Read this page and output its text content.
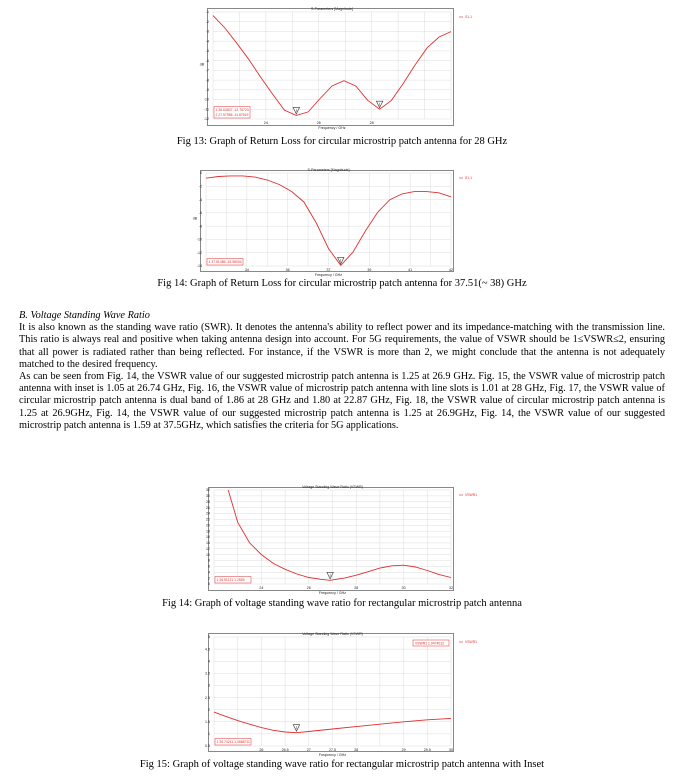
24	26	28
-1
-2
-3
-4
-5
-6
-7
-8
-9
-10
-11
-12
S-Parameters [Magnitude]
Frequency / GHz
dB
S1,1
1 26.63837 -12.76723
2 27.97956 -11.87519
Fig 13: Graph of Return Loss for circular microstrip patch antenna for 28 GHz
34	36	37	39	41	42
0
-2
-4
-6
-8
-10
-12
-14
S-Parameters [Magnitude]
Frequency / GHz
dB
S1,1
1 37.51486 -15.98004
Fig 14: Graph of Return Loss for circular microstrip patch antenna for 37.51(~ 38) GHz
B. Voltage Standing Wave Ratio

It is also known as the standing wave ratio (SWR). It denotes the antenna's ability to reflect power and its impedance-matching with the transmission line. This ratio is always real and positive when taking antenna design into account. For 5G requirements, the value of VSWR should be 1≤VSWR≤2, ensuring that all power is radiated rather than being reflected. For instance, if the VSWR is more than 2, we might conclude that the antenna is not adequately matched to the desired frequency.

As can be seen from Fig. 14, the VSWR value of our suggested microstrip patch antenna is 1.25 at 26.9 GHz. Fig. 15, the VSWR value of microstrip patch antenna with inset is 1.05 at 26.74 GHz, Fig. 16, the VSWR value of microstrip patch antenna with line slots is 1.01 at 28 GHz, Fig. 17, the VSWR value of circular microstrip patch antenna is dual band of 1.86 at 28 GHz and 1.80 at 22.87 GHz, Fig. 18, the VSWR value of circular microstrip patch antenna is 1.25 at 26.9GHz, Fig. 14, the VSWR value of our suggested microstrip patch antenna is 1.25 at 26.9GHz, Fig. 14, the VSWR value of our suggested microstrip patch antenna is 1.59 at 37.5GHz, which satisfies the criteria for 5G applications.

24	26	28	30	32
32
30
28
26
24
22
20
18
16
14
12
10
8
6
4
2
0
Voltage Standing Wave Ratio (VSWR)
Frequency / GHz
VSWR1
1 26.91121 1.2559
Fig 14: Graph of voltage standing wave ratio for rectangular microstrip patch antenna
26	26.5	27	27.5	28	29	29.5	30
5
4.5
4
3.5
3
2.5
2
1.5
1
0.5
Voltage Standing Wave Ratio (VSWR)
Frequency / GHz
VSWR1
1 26.74211 1.0568711
VSWR1 1.0474012
Fig 15: Graph of voltage standing wave ratio for rectangular microstrip patch antenna with Inset
